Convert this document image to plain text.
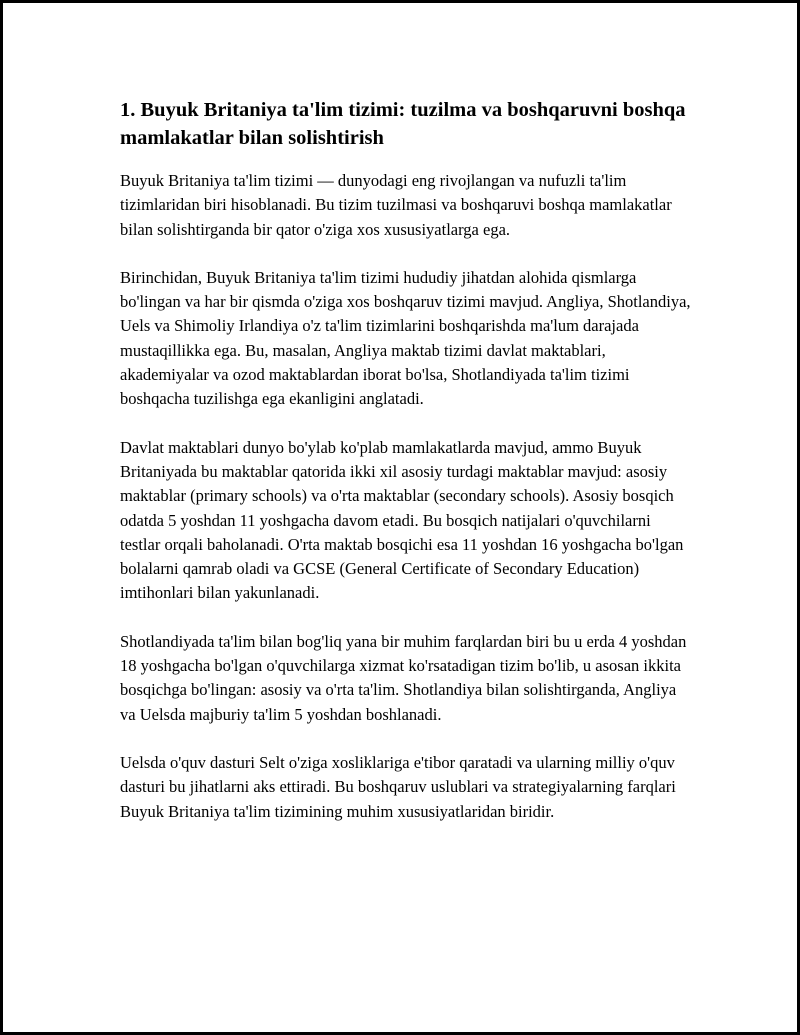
1. Buyuk Britaniya ta'lim tizimi: tuzilma va boshqaruvni boshqa mamlakatlar bilan solishtirish

Buyuk Britaniya ta'lim tizimi — dunyodagi eng rivojlangan va nufuzli ta'lim tizimlaridan biri hisoblanadi. Bu tizim tuzilmasi va boshqaruvi boshqa mamlakatlar bilan solishtirganda bir qator o'ziga xos xususiyatlarga ega.

Birinchidan, Buyuk Britaniya ta'lim tizimi hududiy jihatdan alohida qismlarga bo'lingan va har bir qismda o'ziga xos boshqaruv tizimi mavjud. Angliya, Shotlandiya, Uels va Shimoliy Irlandiya o'z ta'lim tizimlarini boshqarishda ma'lum darajada mustaqillikka ega. Bu, masalan, Angliya maktab tizimi davlat maktablari, akademiyalar va ozod maktablardan iborat bo'lsa, Shotlandiyada ta'lim tizimi boshqacha tuzilishga ega ekanligini anglatadi.

Davlat maktablari dunyo bo'ylab ko'plab mamlakatlarda mavjud, ammo Buyuk Britaniyada bu maktablar qatorida ikki xil asosiy turdagi maktablar mavjud: asosiy maktablar (primary schools) va o'rta maktablar (secondary schools). Asosiy bosqich odatda 5 yoshdan 11 yoshgacha davom etadi. Bu bosqich natijalari o'quvchilarni testlar orqali baholanadi. O'rta maktab bosqichi esa 11 yoshdan 16 yoshgacha bo'lgan bolalarni qamrab oladi va GCSE (General Certificate of Secondary Education) imtihonlari bilan yakunlanadi.

Shotlandiyada ta'lim bilan bog'liq yana bir muhim farqlardan biri bu u erda 4 yoshdan 18 yoshgacha bo'lgan o'quvchilarga xizmat ko'rsatadigan tizim bo'lib, u asosan ikkita bosqichga bo'lingan: asosiy va o'rta ta'lim. Shotlandiya bilan solishtirganda, Angliya va Uelsda majburiy ta'lim 5 yoshdan boshlanadi.

Uelsda o'quv dasturi Selt o'ziga xosliklariga e'tibor qaratadi va ularning milliy o'quv dasturi bu jihatlarni aks ettiradi. Bu boshqaruv uslublari va strategiyalarning farqlari Buyuk Britaniya ta'lim tizimining muhim xususiyatlaridan biridir.
